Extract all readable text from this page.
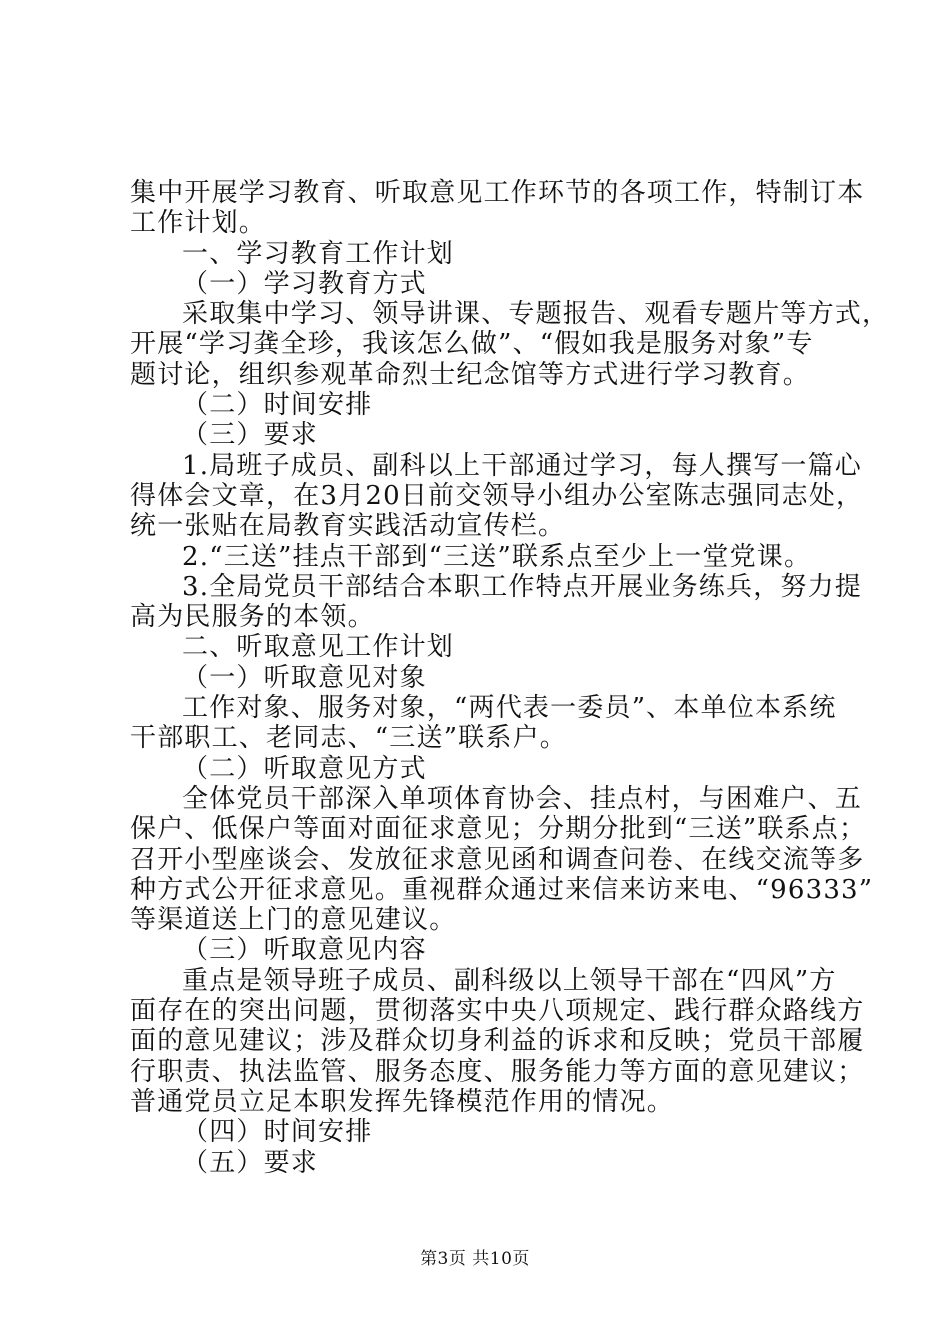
集中开展学习教育、听取意见工作环节的各项工作，特制订本
工作计划。
一、学习教育工作计划
（一）学习教育方式
采取集中学习、领导讲课、专题报告、观看专题片等方式，
开展“学习龚全珍，我该怎么做”、“假如我是服务对象”专
题讨论，组织参观革命烈士纪念馆等方式进行学习教育。
（二）时间安排
（三）要求
1.局班子成员、副科以上干部通过学习，每人撰写一篇心
得体会文章，在3月20日前交领导小组办公室陈志强同志处，
统一张贴在局教育实践活动宣传栏。
2.“三送”挂点干部到“三送”联系点至少上一堂党课。
3.全局党员干部结合本职工作特点开展业务练兵，努力提
高为民服务的本领。
二、听取意见工作计划
（一）听取意见对象
工作对象、服务对象，“两代表一委员”、本单位本系统
干部职工、老同志、“三送”联系户。
（二）听取意见方式
全体党员干部深入单项体育协会、挂点村，与困难户、五
保户、低保户等面对面征求意见；分期分批到“三送”联系点；
召开小型座谈会、发放征求意见函和调查问卷、在线交流等多
种方式公开征求意见。重视群众通过来信来访来电、“96333”
等渠道送上门的意见建议。
（三）听取意见内容
重点是领导班子成员、副科级以上领导干部在“四风”方
面存在的突出问题，贯彻落实中央八项规定、践行群众路线方
面的意见建议；涉及群众切身利益的诉求和反映；党员干部履
行职责、执法监管、服务态度、服务能力等方面的意见建议；
普通党员立足本职发挥先锋模范作用的情况。
（四）时间安排
（五）要求
第3页 共10页
